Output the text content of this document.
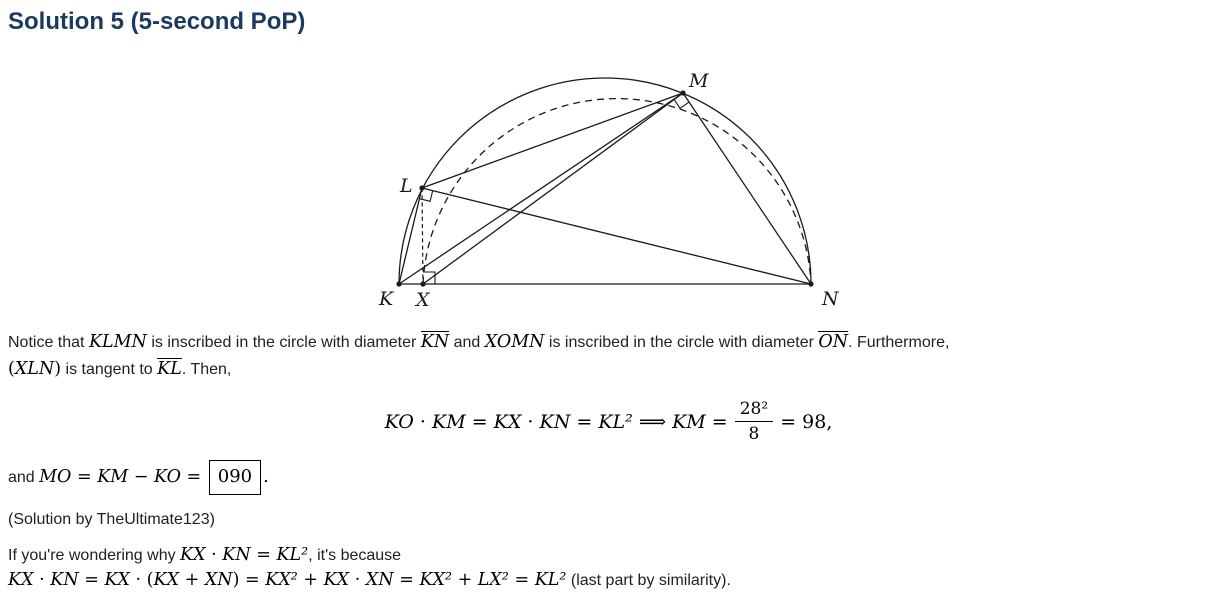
Solution 5 (5-second PoP)
K X
L
M
N
Notice that KLMN is inscribed in the circle with diameter KN and XOMN is inscribed in the circle with diameter ON. Furthermore,
(XLN) is tangent to KL. Then,
KO · KM = KX · KN = KL² ⟹ KM = $\frac{\text{28²}}{8} = 98$,
and MO = KM − KO = 090 .
(Solution by TheUltimate123)
If you're wondering why KX · KN = KL², it's because
KX · KN = KX · (KX + XN) = KX² + KX · XN = KX² + LX² = KL² (last part by similarity).
